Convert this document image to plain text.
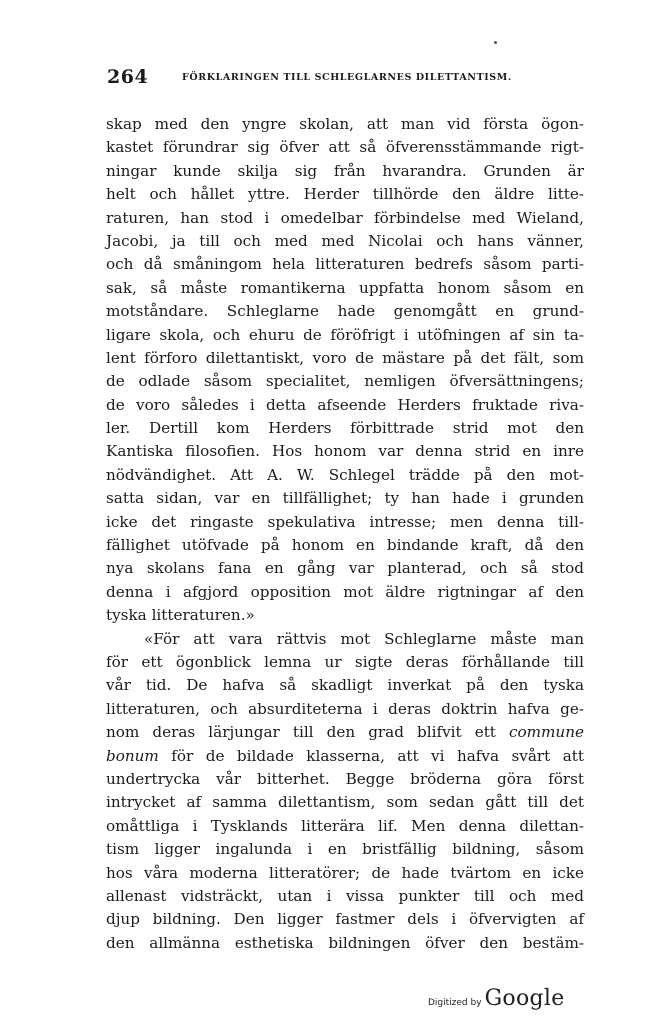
264	FÖRKLARINGEN TILL SCHLEGLARNES DILETTANTISM.
skap med den yngre skolan, att man vid första ögon-
kastet förundrar sig öfver att så öfverensstämmande rigt-
ningar kunde skilja sig från hvarandra. Grunden är
helt och hållet yttre. Herder tillhörde den äldre litte-
raturen, han stod i omedelbar förbindelse med Wieland,
Jacobi, ja till och med med Nicolai och hans vänner,
och då småningom hela litteraturen bedrefs såsom parti-
sak, så måste romantikerna uppfatta honom såsom en
motståndare. Schleglarne hade genomgått en grund-
ligare skola, och ehuru de föröfrigt i utöfningen af sin ta-
lent förforo dilettantiskt, voro de mästare på det fält, som
de odlade såsom specialitet, nemligen öfversättningens;
de voro således i detta afseende Herders fruktade riva-
ler. Dertill kom Herders förbittrade strid mot den
Kantiska filosofien. Hos honom var denna strid en inre
nödvändighet. Att A. W. Schlegel trädde på den mot-
satta sidan, var en tillfällighet; ty han hade i grunden
icke det ringaste spekulativa intresse; men denna till-
fällighet utöfvade på honom en bindande kraft, då den
nya skolans fana en gång var planterad, och så stod
denna i afgjord opposition mot äldre rigtningar af den
tyska litteraturen.»
«För att vara rättvis mot Schleglarne måste man
för ett ögonblick lemna ur sigte deras förhållande till
vår tid. De hafva så skadligt inverkat på den tyska
litteraturen, och absurditeterna i deras doktrin hafva ge-
nom deras lärjungar till den grad blifvit ett commune
bonum för de bildade klasserna, att vi hafva svårt att
undertrycka vår bitterhet. Begge bröderna göra först
intrycket af samma dilettantism, som sedan gått till det
omåttliga i Tysklands litterära lif. Men denna dilettan-
tism ligger ingalunda i en bristfällig bildning, såsom
hos våra moderna litteratörer; de hade tvärtom en icke
allenast vidsträckt, utan i vissa punkter till och med
djup bildning. Den ligger fastmer dels i öfvervigten af
den allmänna esthetiska bildningen öfver den bestäm-
Digitized by Google
